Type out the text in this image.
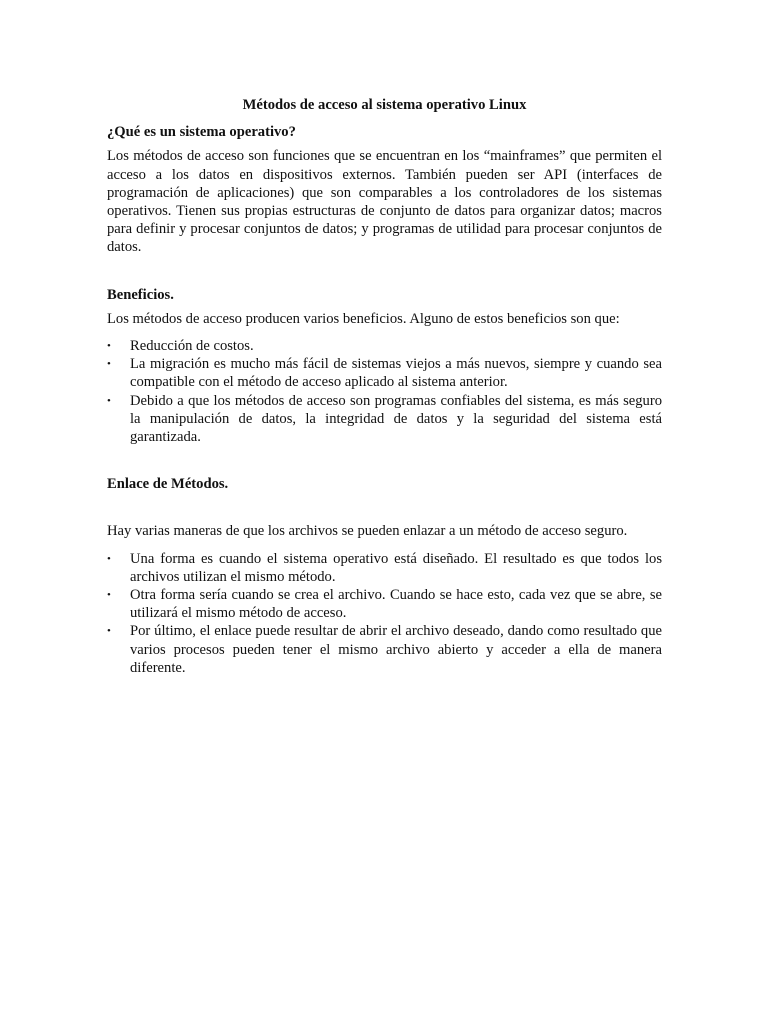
Métodos de acceso al sistema operativo Linux
¿Qué es un sistema operativo?

Los métodos de acceso son funciones que se encuentran en los “mainframes” que permiten el acceso a los datos en dispositivos externos. También pueden ser API (interfaces de programación de aplicaciones) que son comparables a los controladores de los sistemas operativos. Tienen sus propias estructuras de conjunto de datos para organizar datos; macros para definir y procesar conjuntos de datos; y programas de utilidad para procesar conjuntos de datos.

Beneficios.

Los métodos de acceso producen varios beneficios. Alguno de estos beneficios son que:

• Reducción de costos.
• La migración es mucho más fácil de sistemas viejos a más nuevos, siempre y cuando sea compatible con el método de acceso aplicado al sistema anterior.
• Debido a que los métodos de acceso son programas confiables del sistema, es más seguro la manipulación de datos, la integridad de datos y la seguridad del sistema está garantizada.
Enlace de Métodos.

Hay varias maneras de que los archivos se pueden enlazar a un método de acceso seguro.

• Una forma es cuando el sistema operativo está diseñado. El resultado es que todos los archivos utilizan el mismo método.
• Otra forma sería cuando se crea el archivo. Cuando se hace esto, cada vez que se abre, se utilizará el mismo método de acceso.
• Por último, el enlace puede resultar de abrir el archivo deseado, dando como resultado que varios procesos pueden tener el mismo archivo abierto y acceder a ella de manera diferente.
